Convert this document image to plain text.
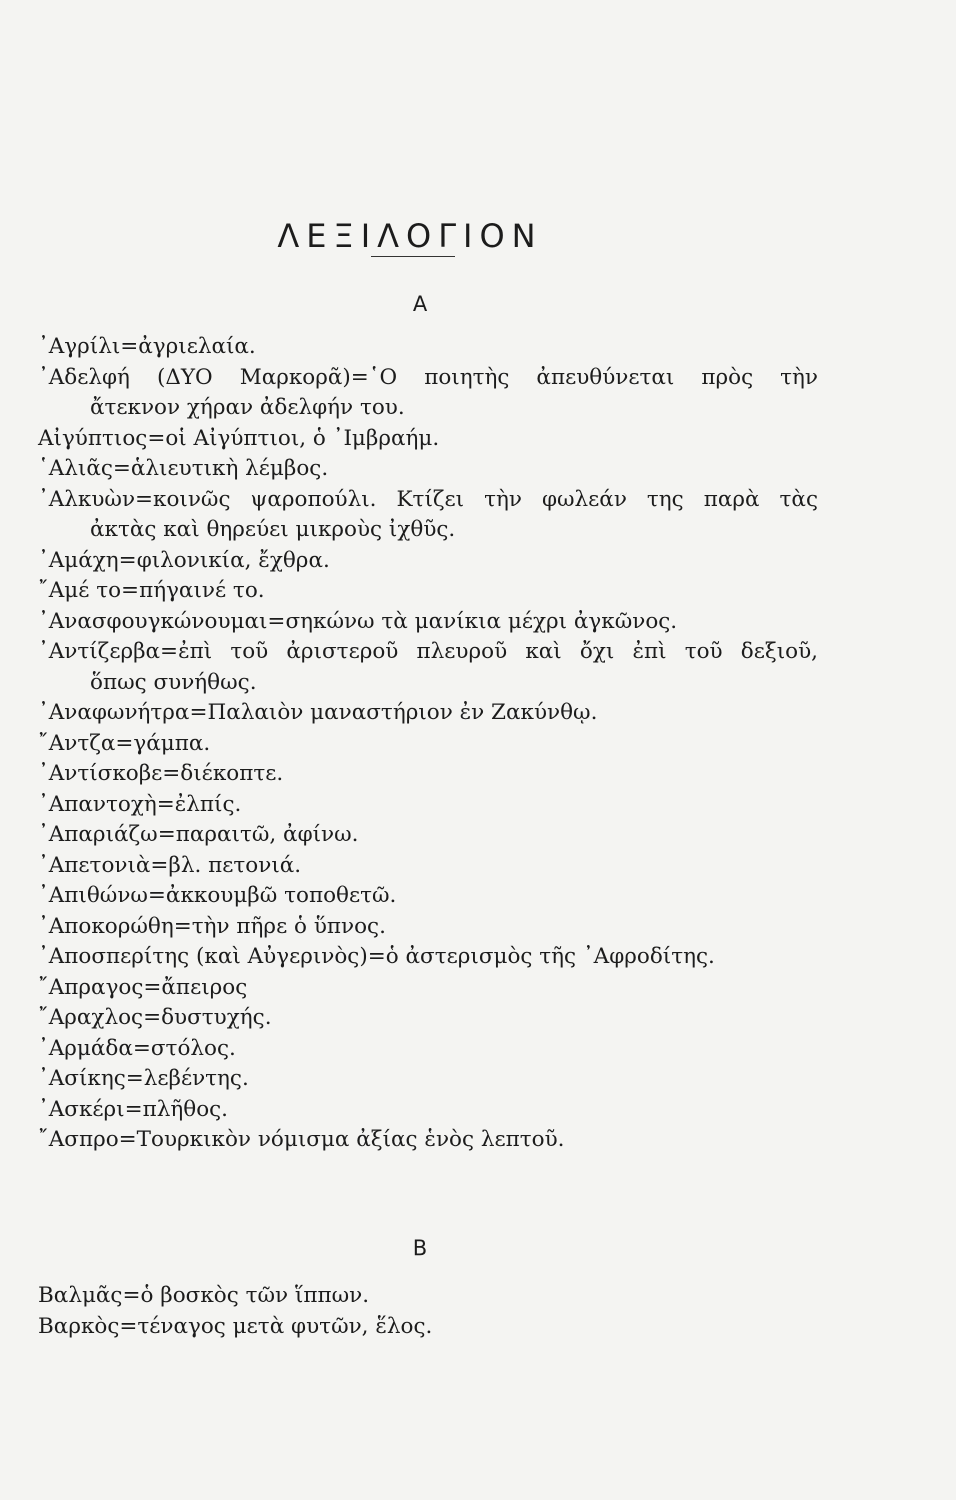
ΛΕΞΙΛΟΓΙΟΝ
Α
᾿Αγρίλι=ἀγριελαία.
᾿Αδελφή (ΔΥΟ Μαρκορᾶ)=῾Ο ποιητὴς ἀπευθύνεται πρὸς τὴν
ἄτεκνον χήραν ἀδελφήν του.
Αἰγύπτιος=οἱ Αἰγύπτιοι, ὁ ᾿Ιμβραήμ.
῾Αλιᾶς=ἁλιευτικὴ λέμβος.
᾿Αλκυὼν=κοινῶς ψαροπούλι. Κτίζει τὴν φωλεάν της παρὰ τὰς
ἀκτὰς καὶ θηρεύει μικροὺς ἰχθῦς.
᾿Αμάχη=φιλονικία, ἔχθρα.
῎Αμέ το=πήγαινέ το.
᾿Ανασφουγκώνουμαι=σηκώνω τὰ μανίκια μέχρι ἀγκῶνος.
᾿Αντίζερβα=ἐπὶ τοῦ ἀριστεροῦ πλευροῦ καὶ ὄχι ἐπὶ τοῦ δεξιοῦ,
ὅπως συνήθως.
᾿Αναφωνήτρα=Παλαιὸν μαναστήριον ἐν Ζακύνθῳ.
῎Αντζα=γάμπα.
᾿Αντίσκοβε=διέκοπτε.
᾿Απαντοχὴ=ἐλπίς.
᾿Απαριάζω=παραιτῶ, ἀφίνω.
᾿Απετονιὰ=βλ. πετονιά.
᾿Απιθώνω=ἀκκουμβῶ τοποθετῶ.
᾿Αποκορώθη=τὴν πῆρε ὁ ὕπνος.
᾿Αποσπερίτης (καὶ Αὐγερινὸς)=ὁ ἀστερισμὸς τῆς ᾿Αφροδίτης.
῎Απραγος=ἄπειρος
῎Αραχλος=δυστυχής.
᾿Αρμάδα=στόλος.
᾿Ασίκης=λεβέντης.
᾿Ασκέρι=πλῆθος.
῎Ασπρο=Τουρκικὸν νόμισμα ἀξίας ἑνὸς λεπτοῦ.
Β
Βαλμᾶς=ὁ βοσκὸς τῶν ἵππων.
Βαρκὸς=τέναγος μετὰ φυτῶν, ἕλος.
